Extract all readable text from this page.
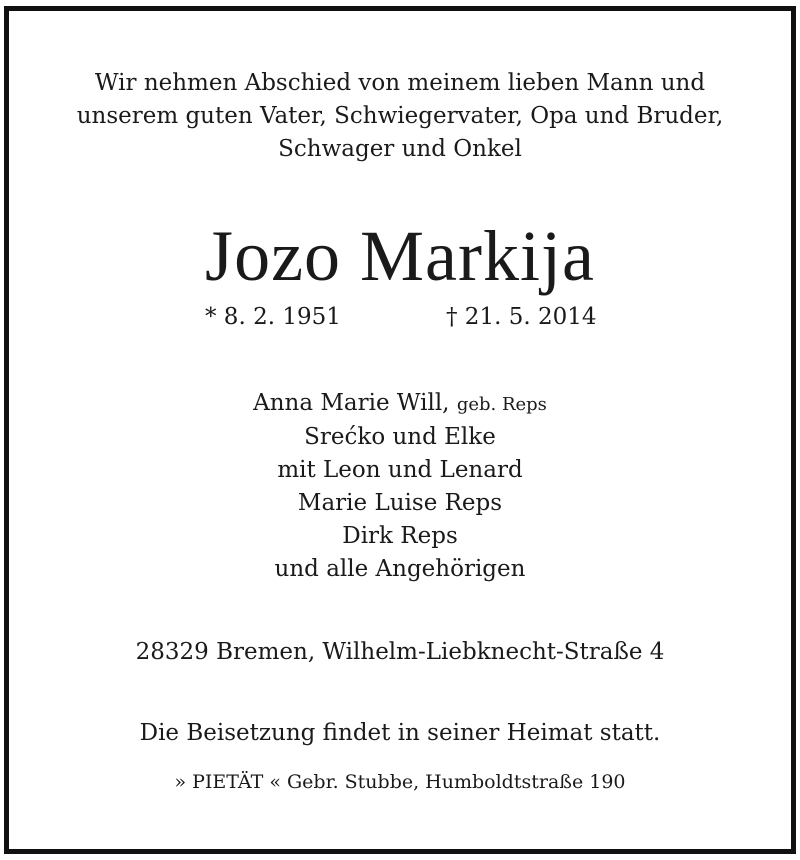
Wir nehmen Abschied von meinem lieben Mann und
unserem guten Vater, Schwiegervater, Opa und Bruder,
Schwager und Onkel
Jozo Markija
* 8. 2. 1951	† 21. 5. 2014
Anna Marie Will, geb. Reps
Srećko und Elke
mit Leon und Lenard
Marie Luise Reps
Dirk Reps
und alle Angehörigen
28329 Bremen, Wilhelm-Liebknecht-Straße 4
Die Beisetzung findet in seiner Heimat statt.
» PIETÄT « Gebr. Stubbe, Humboldtstraße 190
